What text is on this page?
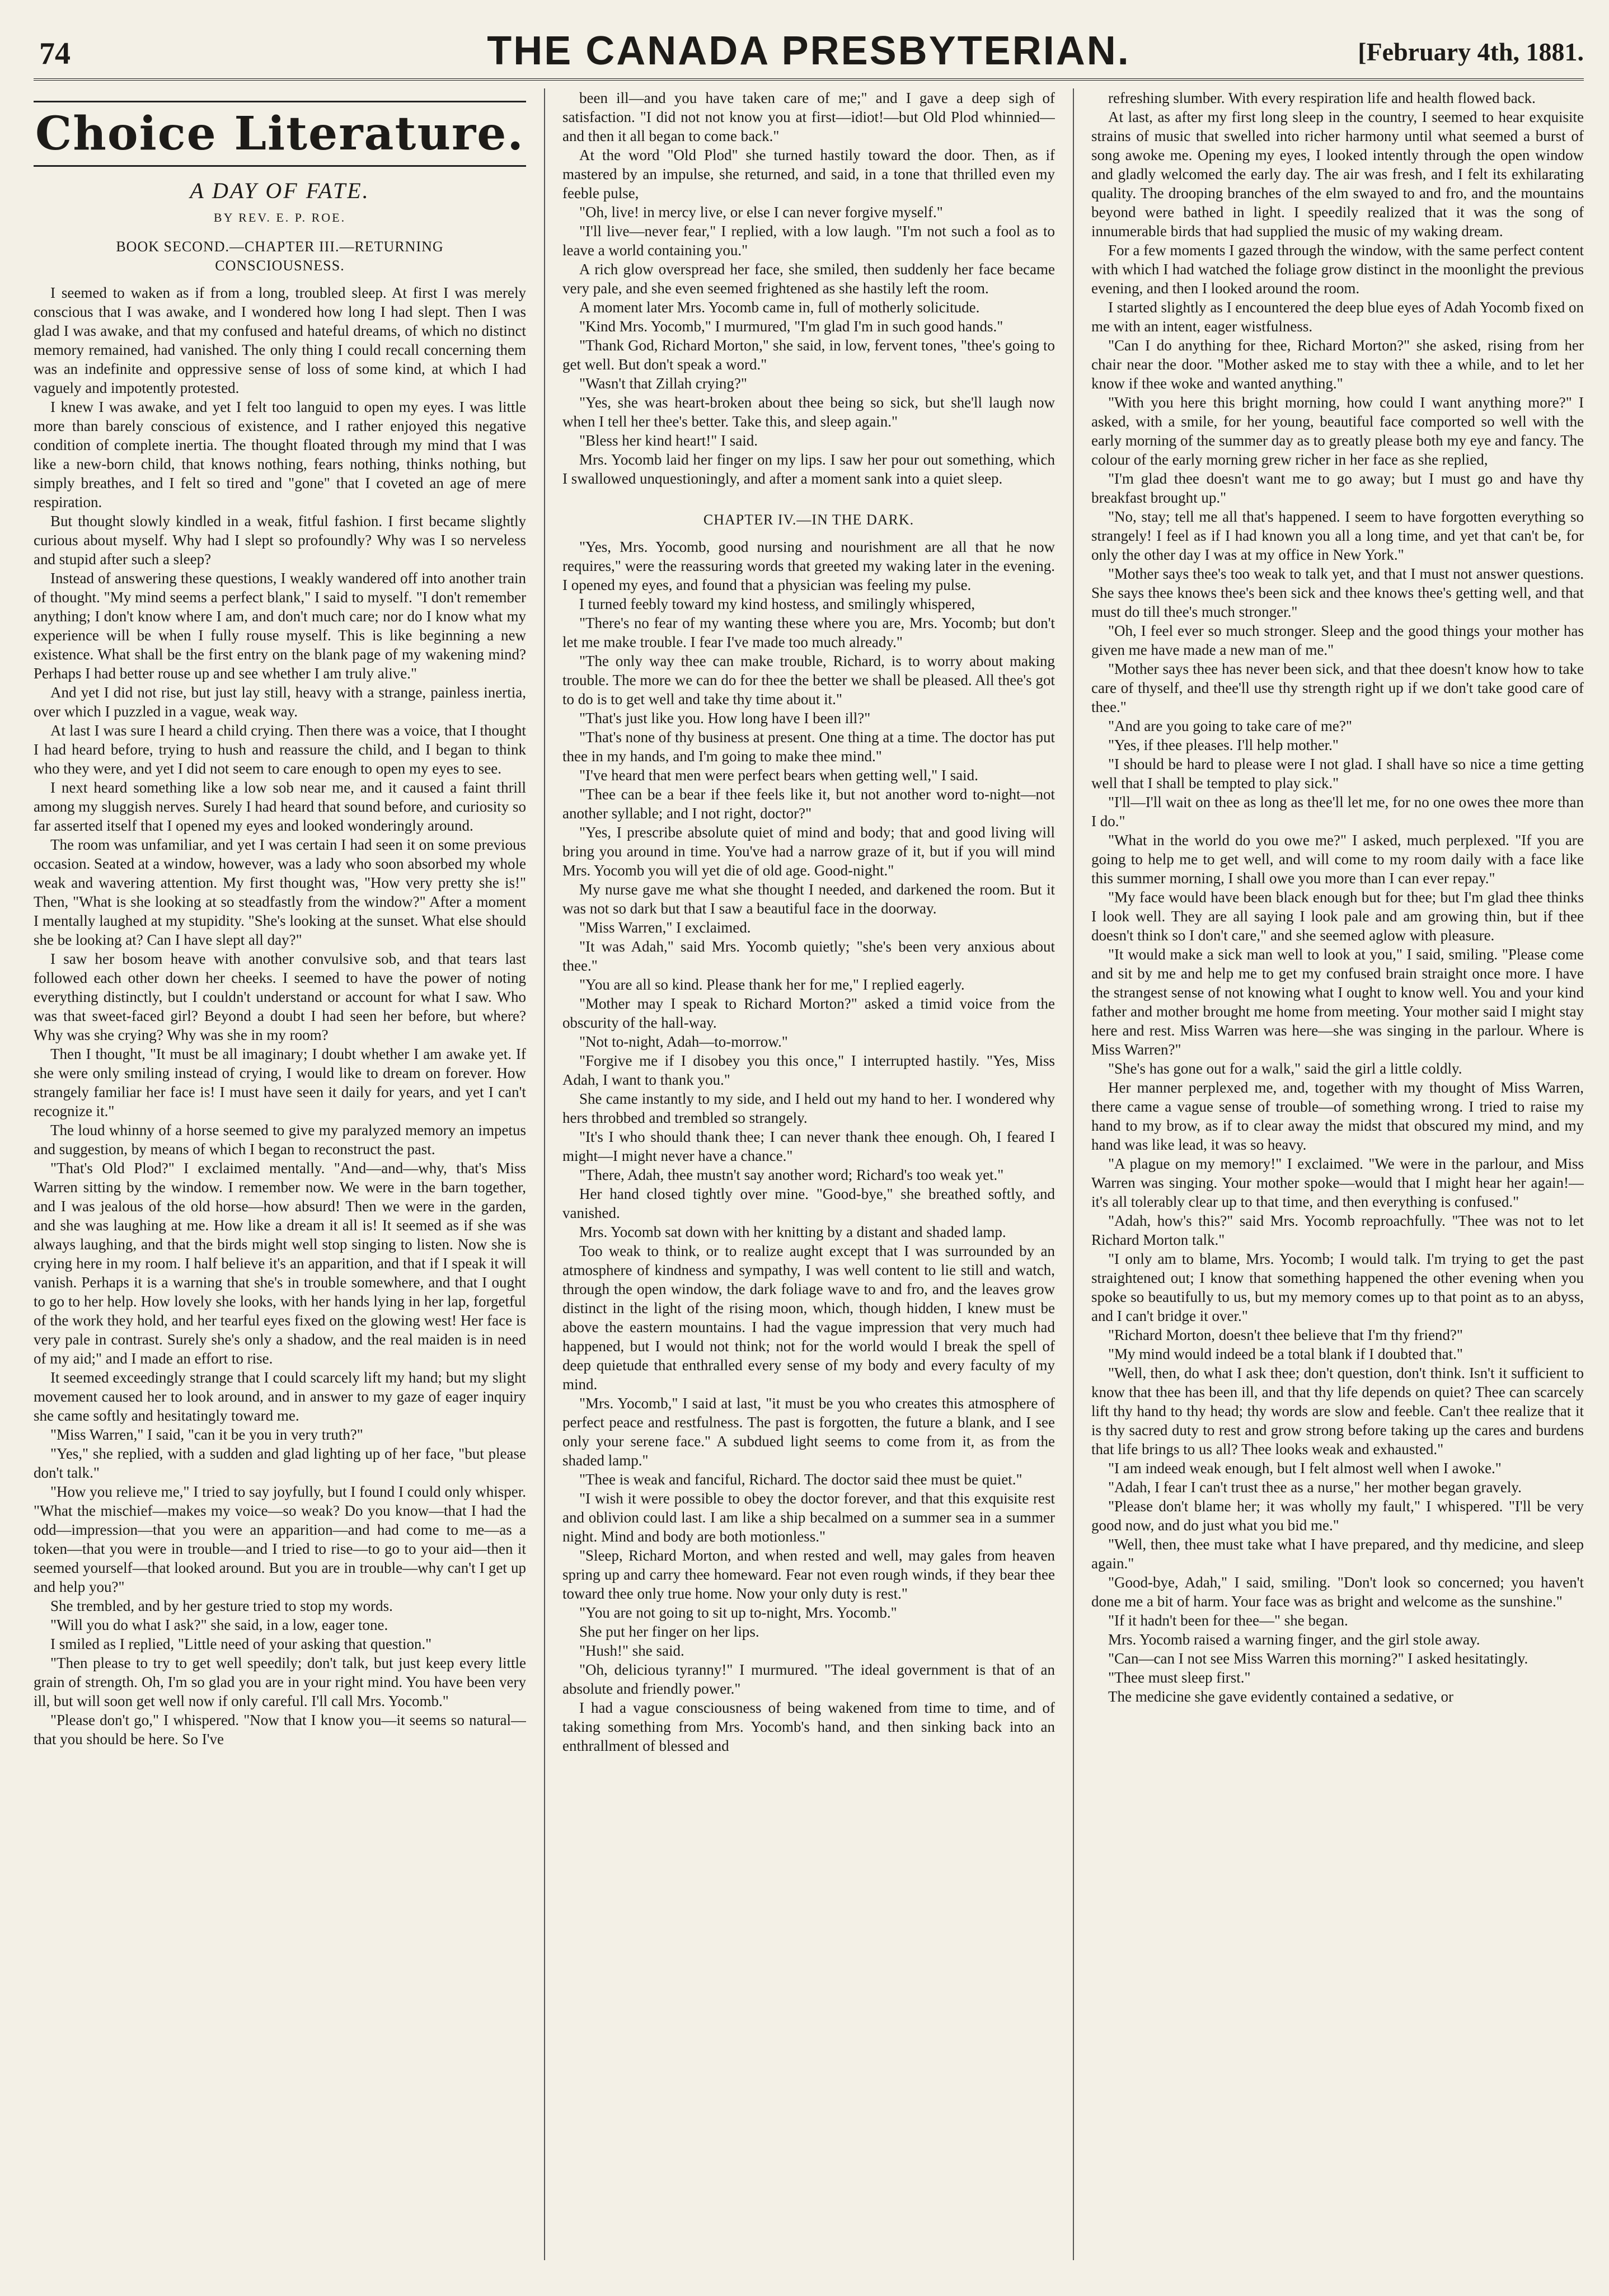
74	THE CANADA PRESBYTERIAN.	[February 4th, 1881.
Choice Literature.
A DAY OF FATE.
BY REV. E. P. ROE.
BOOK SECOND.—CHAPTER III.—RETURNING CONSCIOUSNESS.

I seemed to waken as if from a long, troubled sleep. At first I was merely conscious that I was awake, and I wondered how long I had slept. Then I was glad I was awake, and that my confused and hateful dreams, of which no distinct memory remained, had vanished. The only thing I could recall concerning them was an indefinite and oppressive sense of loss of some kind, at which I had vaguely and impotently protested.

I knew I was awake, and yet I felt too languid to open my eyes. I was little more than barely conscious of existence, and I rather enjoyed this negative condition of complete inertia. The thought floated through my mind that I was like a new-born child, that knows nothing, fears nothing, thinks nothing, but simply breathes, and I felt so tired and "gone" that I coveted an age of mere respiration.

But thought slowly kindled in a weak, fitful fashion. I first became slightly curious about myself. Why had I slept so profoundly? Why was I so nerveless and stupid after such a sleep?

Instead of answering these questions, I weakly wandered off into another train of thought. "My mind seems a perfect blank," I said to myself. "I don't remember anything; I don't know where I am, and don't much care; nor do I know what my experience will be when I fully rouse myself. This is like beginning a new existence. What shall be the first entry on the blank page of my wakening mind? Perhaps I had better rouse up and see whether I am truly alive."

And yet I did not rise, but just lay still, heavy with a strange, painless inertia, over which I puzzled in a vague, weak way.

At last I was sure I heard a child crying. Then there was a voice, that I thought I had heard before, trying to hush and reassure the child, and I began to think who they were, and yet I did not seem to care enough to open my eyes to see.

I next heard something like a low sob near me, and it caused a faint thrill among my sluggish nerves. Surely I had heard that sound before, and curiosity so far asserted itself that I opened my eyes and looked wonderingly around.

The room was unfamiliar, and yet I was certain I had seen it on some previous occasion. Seated at a window, however, was a lady who soon absorbed my whole weak and wavering attention. My first thought was, "How very pretty she is!" Then, "What is she looking at so steadfastly from the window?" After a moment I mentally laughed at my stupidity. "She's looking at the sunset. What else should she be looking at? Can I have slept all day?"

I saw her bosom heave with another convulsive sob, and that tears last followed each other down her cheeks. I seemed to have the power of noting everything distinctly, but I couldn't understand or account for what I saw. Who was that sweet-faced girl? Beyond a doubt I had seen her before, but where? Why was she crying? Why was she in my room?

Then I thought, "It must be all imaginary; I doubt whether I am awake yet. If she were only smiling instead of crying, I would like to dream on forever. How strangely familiar her face is! I must have seen it daily for years, and yet I can't recognize it."

The loud whinny of a horse seemed to give my paralyzed memory an impetus and suggestion, by means of which I began to reconstruct the past.

"That's Old Plod?" I exclaimed mentally. "And—and—why, that's Miss Warren sitting by the window. I remember now. We were in the barn together, and I was jealous of the old horse—how absurd! Then we were in the garden, and she was laughing at me. How like a dream it all is! It seemed as if she was always laughing, and that the birds might well stop singing to listen. Now she is crying here in my room. I half believe it's an apparition, and that if I speak it will vanish. Perhaps it is a warning that she's in trouble somewhere, and that I ought to go to her help. How lovely she looks, with her hands lying in her lap, forgetful of the work they hold, and her tearful eyes fixed on the glowing west! Her face is very pale in contrast. Surely she's only a shadow, and the real maiden is in need of my aid;" and I made an effort to rise.

It seemed exceedingly strange that I could scarcely lift my hand; but my slight movement caused her to look around, and in answer to my gaze of eager inquiry she came softly and hesitatingly toward me.

"Miss Warren," I said, "can it be you in very truth?"

"Yes," she replied, with a sudden and glad lighting up of her face, "but please don't talk."

"How you relieve me," I tried to say joyfully, but I found I could only whisper. "What the mischief—makes my voice—so weak? Do you know—that I had the odd—impression—that you were an apparition—and had come to me—as a token—that you were in trouble—and I tried to rise—to go to your aid—then it seemed yourself—that looked around. But you are in trouble—why can't I get up and help you?"

She trembled, and by her gesture tried to stop my words.

"Will you do what I ask?" she said, in a low, eager tone.

I smiled as I replied, "Little need of your asking that question."

"Then please to try to get well speedily; don't talk, but just keep every little grain of strength. Oh, I'm so glad you are in your right mind. You have been very ill, but will soon get well now if only careful. I'll call Mrs. Yocomb."

"Please don't go," I whispered. "Now that I know you—it seems so natural—that you should be here. So I've

been ill—and you have taken care of me;" and I gave a deep sigh of satisfaction. "I did not not know you at first—idiot!—but Old Plod whinnied—and then it all began to come back."

At the word "Old Plod" she turned hastily toward the door. Then, as if mastered by an impulse, she returned, and said, in a tone that thrilled even my feeble pulse,

"Oh, live! in mercy live, or else I can never forgive myself."

"I'll live—never fear," I replied, with a low laugh. "I'm not such a fool as to leave a world containing you."

A rich glow overspread her face, she smiled, then suddenly her face became very pale, and she even seemed frightened as she hastily left the room.

A moment later Mrs. Yocomb came in, full of motherly solicitude.

"Kind Mrs. Yocomb," I murmured, "I'm glad I'm in such good hands."

"Thank God, Richard Morton," she said, in low, fervent tones, "thee's going to get well. But don't speak a word."

"Wasn't that Zillah crying?"

"Yes, she was heart-broken about thee being so sick, but she'll laugh now when I tell her thee's better. Take this, and sleep again."

"Bless her kind heart!" I said.

Mrs. Yocomb laid her finger on my lips. I saw her pour out something, which I swallowed unquestioningly, and after a moment sank into a quiet sleep.

CHAPTER IV.—IN THE DARK.

"Yes, Mrs. Yocomb, good nursing and nourishment are all that he now requires," were the reassuring words that greeted my waking later in the evening. I opened my eyes, and found that a physician was feeling my pulse.

I turned feebly toward my kind hostess, and smilingly whispered,

"There's no fear of my wanting these where you are, Mrs. Yocomb; but don't let me make trouble. I fear I've made too much already."

"The only way thee can make trouble, Richard, is to worry about making trouble. The more we can do for thee the better we shall be pleased. All thee's got to do is to get well and take thy time about it."

"That's just like you. How long have I been ill?"

"That's none of thy business at present. One thing at a time. The doctor has put thee in my hands, and I'm going to make thee mind."

"I've heard that men were perfect bears when getting well," I said.

"Thee can be a bear if thee feels like it, but not another word to-night—not another syllable; and I not right, doctor?"

"Yes, I prescribe absolute quiet of mind and body; that and good living will bring you around in time. You've had a narrow graze of it, but if you will mind Mrs. Yocomb you will yet die of old age. Good-night."

My nurse gave me what she thought I needed, and darkened the room. But it was not so dark but that I saw a beautiful face in the doorway.

"Miss Warren," I exclaimed.

"It was Adah," said Mrs. Yocomb quietly; "she's been very anxious about thee."

"You are all so kind. Please thank her for me," I replied eagerly.

"Mother may I speak to Richard Morton?" asked a timid voice from the obscurity of the hall-way.

"Not to-night, Adah—to-morrow."

"Forgive me if I disobey you this once," I interrupted hastily. "Yes, Miss Adah, I want to thank you."

She came instantly to my side, and I held out my hand to her. I wondered why hers throbbed and trembled so strangely.

"It's I who should thank thee; I can never thank thee enough. Oh, I feared I might—I might never have a chance."

"There, Adah, thee mustn't say another word; Richard's too weak yet."

Her hand closed tightly over mine. "Good-bye," she breathed softly, and vanished.

Mrs. Yocomb sat down with her knitting by a distant and shaded lamp.

Too weak to think, or to realize aught except that I was surrounded by an atmosphere of kindness and sympathy, I was well content to lie still and watch, through the open window, the dark foliage wave to and fro, and the leaves grow distinct in the light of the rising moon, which, though hidden, I knew must be above the eastern mountains. I had the vague impression that very much had happened, but I would not think; not for the world would I break the spell of deep quietude that enthralled every sense of my body and every faculty of my mind.

"Mrs. Yocomb," I said at last, "it must be you who creates this atmosphere of perfect peace and restfulness. The past is forgotten, the future a blank, and I see only your serene face." A subdued light seems to come from it, as from the shaded lamp."

"Thee is weak and fanciful, Richard. The doctor said thee must be quiet."

"I wish it were possible to obey the doctor forever, and that this exquisite rest and oblivion could last. I am like a ship becalmed on a summer sea in a summer night. Mind and body are both motionless."

"Sleep, Richard Morton, and when rested and well, may gales from heaven spring up and carry thee homeward. Fear not even rough winds, if they bear thee toward thee only true home. Now your only duty is rest."

"You are not going to sit up to-night, Mrs. Yocomb."

She put her finger on her lips.

"Hush!" she said.

"Oh, delicious tyranny!" I murmured. "The ideal government is that of an absolute and friendly power."

I had a vague consciousness of being wakened from time to time, and of taking something from Mrs. Yocomb's hand, and then sinking back into an enthrallment of blessed and

refreshing slumber. With every respiration life and health flowed back.

At last, as after my first long sleep in the country, I seemed to hear exquisite strains of music that swelled into richer harmony until what seemed a burst of song awoke me. Opening my eyes, I looked intently through the open window and gladly welcomed the early day. The air was fresh, and I felt its exhilarating quality. The drooping branches of the elm swayed to and fro, and the mountains beyond were bathed in light. I speedily realized that it was the song of innumerable birds that had supplied the music of my waking dream.

For a few moments I gazed through the window, with the same perfect content with which I had watched the foliage grow distinct in the moonlight the previous evening, and then I looked around the room.

I started slightly as I encountered the deep blue eyes of Adah Yocomb fixed on me with an intent, eager wistfulness.

"Can I do anything for thee, Richard Morton?" she asked, rising from her chair near the door. "Mother asked me to stay with thee a while, and to let her know if thee woke and wanted anything."

"With you here this bright morning, how could I want anything more?" I asked, with a smile, for her young, beautiful face comported so well with the early morning of the summer day as to greatly please both my eye and fancy. The colour of the early morning grew richer in her face as she replied,

"I'm glad thee doesn't want me to go away; but I must go and have thy breakfast brought up."

"No, stay; tell me all that's happened. I seem to have forgotten everything so strangely! I feel as if I had known you all a long time, and yet that can't be, for only the other day I was at my office in New York."

"Mother says thee's too weak to talk yet, and that I must not answer questions. She says thee knows thee's been sick and thee knows thee's getting well, and that must do till thee's much stronger."

"Oh, I feel ever so much stronger. Sleep and the good things your mother has given me have made a new man of me."

"Mother says thee has never been sick, and that thee doesn't know how to take care of thyself, and thee'll use thy strength right up if we don't take good care of thee."

"And are you going to take care of me?"

"Yes, if thee pleases. I'll help mother."

"I should be hard to please were I not glad. I shall have so nice a time getting well that I shall be tempted to play sick."

"I'll—I'll wait on thee as long as thee'll let me, for no one owes thee more than I do."

"What in the world do you owe me?" I asked, much perplexed. "If you are going to help me to get well, and will come to my room daily with a face like this summer morning, I shall owe you more than I can ever repay."

"My face would have been black enough but for thee; but I'm glad thee thinks I look well. They are all saying I look pale and am growing thin, but if thee doesn't think so I don't care," and she seemed aglow with pleasure.

"It would make a sick man well to look at you," I said, smiling. "Please come and sit by me and help me to get my confused brain straight once more. I have the strangest sense of not knowing what I ought to know well. You and your kind father and mother brought me home from meeting. Your mother said I might stay here and rest. Miss Warren was here—she was singing in the parlour. Where is Miss Warren?"

"She's has gone out for a walk," said the girl a little coldly.

Her manner perplexed me, and, together with my thought of Miss Warren, there came a vague sense of trouble—of something wrong. I tried to raise my hand to my brow, as if to clear away the midst that obscured my mind, and my hand was like lead, it was so heavy.

"A plague on my memory!" I exclaimed. "We were in the parlour, and Miss Warren was singing. Your mother spoke—would that I might hear her again!—it's all tolerably clear up to that time, and then everything is confused."

"Adah, how's this?" said Mrs. Yocomb reproachfully. "Thee was not to let Richard Morton talk."

"I only am to blame, Mrs. Yocomb; I would talk. I'm trying to get the past straightened out; I know that something happened the other evening when you spoke so beautifully to us, but my memory comes up to that point as to an abyss, and I can't bridge it over."

"Richard Morton, doesn't thee believe that I'm thy friend?"

"My mind would indeed be a total blank if I doubted that."

"Well, then, do what I ask thee; don't question, don't think. Isn't it sufficient to know that thee has been ill, and that thy life depends on quiet? Thee can scarcely lift thy hand to thy head; thy words are slow and feeble. Can't thee realize that it is thy sacred duty to rest and grow strong before taking up the cares and burdens that life brings to us all? Thee looks weak and exhausted."

"I am indeed weak enough, but I felt almost well when I awoke."

"Adah, I fear I can't trust thee as a nurse," her mother began gravely.

"Please don't blame her; it was wholly my fault," I whispered. "I'll be very good now, and do just what you bid me."

"Well, then, thee must take what I have prepared, and thy medicine, and sleep again."

"Good-bye, Adah," I said, smiling. "Don't look so concerned; you haven't done me a bit of harm. Your face was as bright and welcome as the sunshine."

"If it hadn't been for thee—" she began.

Mrs. Yocomb raised a warning finger, and the girl stole away.

"Can—can I not see Miss Warren this morning?" I asked hesitatingly.

"Thee must sleep first."

The medicine she gave evidently contained a sedative, or
